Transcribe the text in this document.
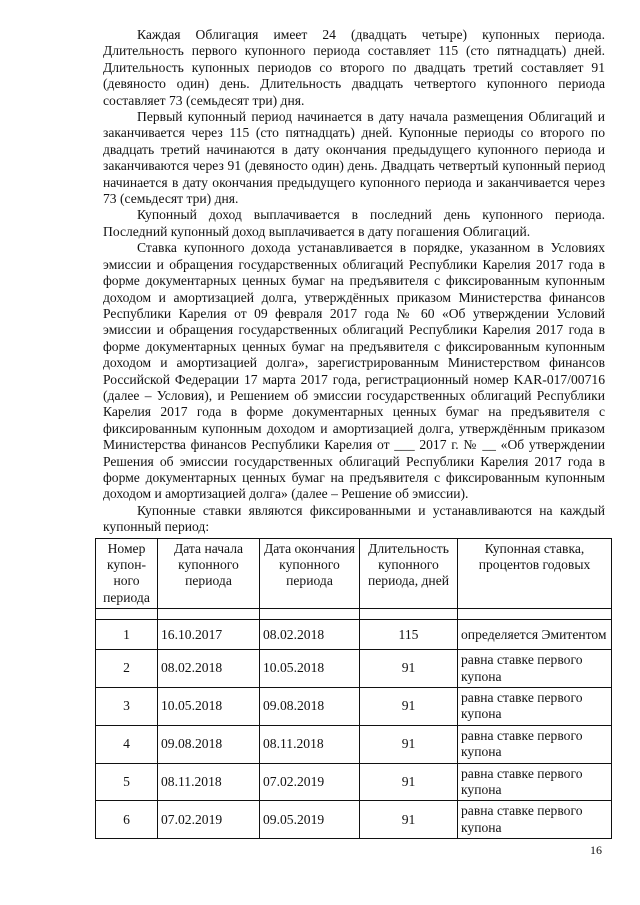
Каждая Облигация имеет 24 (двадцать четыре) купонных периода. Длительность первого купонного периода составляет 115 (сто пятнадцать) дней. Длительность купонных периодов со второго по двадцать третий составляет 91 (девяносто один) день. Длительность двадцать четвертого купонного периода составляет 73 (семьдесят три) дня.

Первый купонный период начинается в дату начала размещения Облигаций и заканчивается через 115 (сто пятнадцать) дней. Купонные периоды со второго по двадцать третий начинаются в дату окончания предыдущего купонного периода и заканчиваются через 91 (девяносто один) день. Двадцать четвертый купонный период начинается в дату окончания предыдущего купонного периода и заканчивается через 73 (семьдесят три) дня.

Купонный доход выплачивается в последний день купонного периода. Последний купонный доход выплачивается в дату погашения Облигаций.

Ставка купонного дохода устанавливается в порядке, указанном в Условиях эмиссии и обращения государственных облигаций Республики Карелия 2017 года в форме документарных ценных бумаг на предъявителя с фиксированным купонным доходом и амортизацией долга, утверждённых приказом Министерства финансов Республики Карелия от 09 февраля 2017 года № 60 «Об утверждении Условий эмиссии и обращения государственных облигаций Республики Карелия 2017 года в форме документарных ценных бумаг на предъявителя с фиксированным купонным доходом и амортизацией долга», зарегистрированным Министерством финансов Российской Федерации 17 марта 2017 года, регистрационный номер KAR-017/00716 (далее – Условия), и Решением об эмиссии государственных облигаций Республики Карелия 2017 года в форме документарных ценных бумаг на предъявителя с фиксированным купонным доходом и амортизацией долга, утверждённым приказом Министерства финансов Республики Карелия от ___ 2017 г. № __ «Об утверждении Решения об эмиссии государственных облигаций Республики Карелия 2017 года в форме документарных ценных бумаг на предъявителя с фиксированным купонным доходом и амортизацией долга» (далее – Решение об эмиссии).

Купонные ставки являются фиксированными и устанавливаются на каждый купонный период:

Номер купон-ного периода	Дата начала купонного периода	Дата окончания купонного периода	Длительность купонного периода, дней	Купонная ставка, процентов годовых

1	16.10.2017	08.02.2018	115	определяется Эмитентом
2	08.02.2018	10.05.2018	91	равна ставке первого купона
3	10.05.2018	09.08.2018	91	равна ставке первого купона
4	09.08.2018	08.11.2018	91	равна ставке первого купона
5	08.11.2018	07.02.2019	91	равна ставке первого купона
6	07.02.2019	09.05.2019	91	равна ставке первого купона
16
